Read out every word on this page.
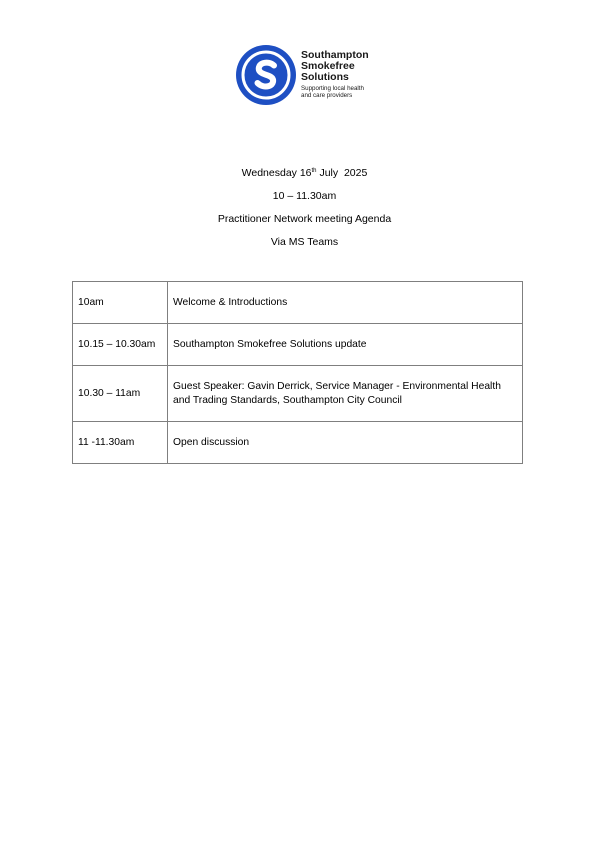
Southampton
Smokefree
Solutions
Supporting local health
and care providers
Wednesday 16th July  2025
10 – 11.30am
Practitioner Network meeting Agenda
Via MS Teams
10am	Welcome & Introductions
10.15 – 10.30am	Southampton Smokefree Solutions update
10.30 – 11am	Guest Speaker: Gavin Derrick, Service Manager - Environmental Health
and Trading Standards, Southampton City Council
11 -11.30am	Open discussion
